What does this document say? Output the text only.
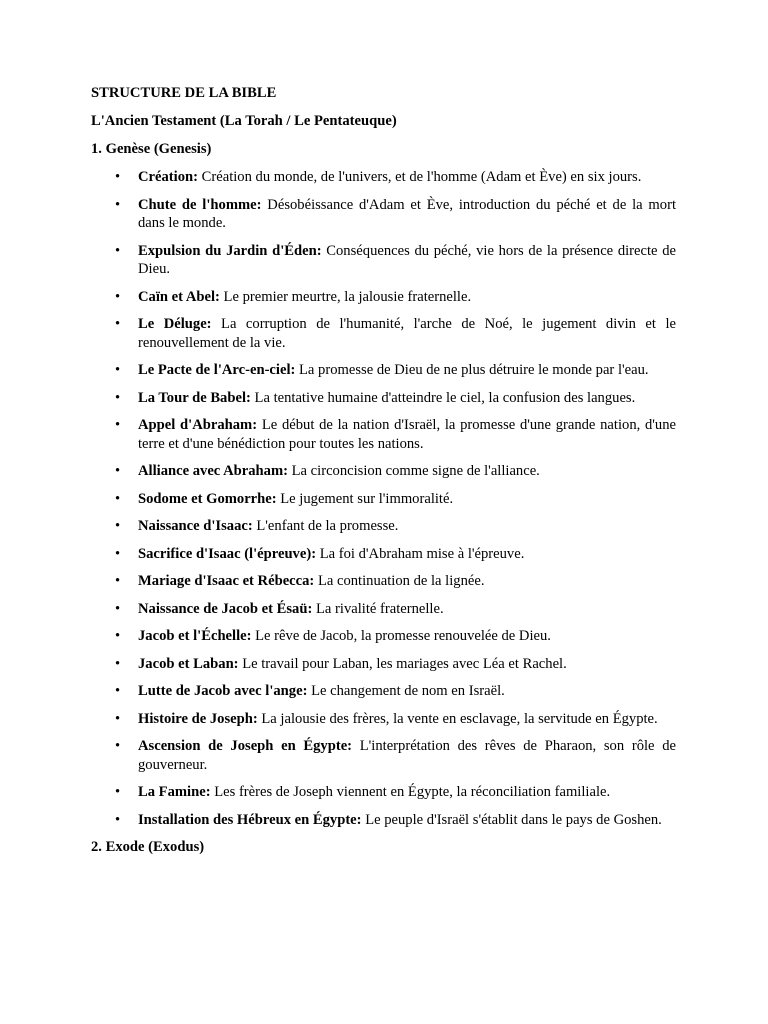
STRUCTURE DE LA BIBLE
L'Ancien Testament (La Torah / Le Pentateuque)
1. Genèse (Genesis)
• Création: Création du monde, de l'univers, et de l'homme (Adam et Ève) en six jours.
• Chute de l'homme: Désobéissance d'Adam et Ève, introduction du péché et de la mort dans le monde.
• Expulsion du Jardin d'Éden: Conséquences du péché, vie hors de la présence directe de Dieu.
• Caïn et Abel: Le premier meurtre, la jalousie fraternelle.
• Le Déluge: La corruption de l'humanité, l'arche de Noé, le jugement divin et le renouvellement de la vie.
• Le Pacte de l'Arc-en-ciel: La promesse de Dieu de ne plus détruire le monde par l'eau.
• La Tour de Babel: La tentative humaine d'atteindre le ciel, la confusion des langues.
• Appel d'Abraham: Le début de la nation d'Israël, la promesse d'une grande nation, d'une terre et d'une bénédiction pour toutes les nations.
• Alliance avec Abraham: La circoncision comme signe de l'alliance.
• Sodome et Gomorrhe: Le jugement sur l'immoralité.
• Naissance d'Isaac: L'enfant de la promesse.
• Sacrifice d'Isaac (l'épreuve): La foi d'Abraham mise à l'épreuve.
• Mariage d'Isaac et Rébecca: La continuation de la lignée.
• Naissance de Jacob et Ésaü: La rivalité fraternelle.
• Jacob et l'Échelle: Le rêve de Jacob, la promesse renouvelée de Dieu.
• Jacob et Laban: Le travail pour Laban, les mariages avec Léa et Rachel.
• Lutte de Jacob avec l'ange: Le changement de nom en Israël.
• Histoire de Joseph: La jalousie des frères, la vente en esclavage, la servitude en Égypte.
• Ascension de Joseph en Égypte: L'interprétation des rêves de Pharaon, son rôle de gouverneur.
• La Famine: Les frères de Joseph viennent en Égypte, la réconciliation familiale.
• Installation des Hébreux en Égypte: Le peuple d'Israël s'établit dans le pays de Goshen.
2. Exode (Exodus)
